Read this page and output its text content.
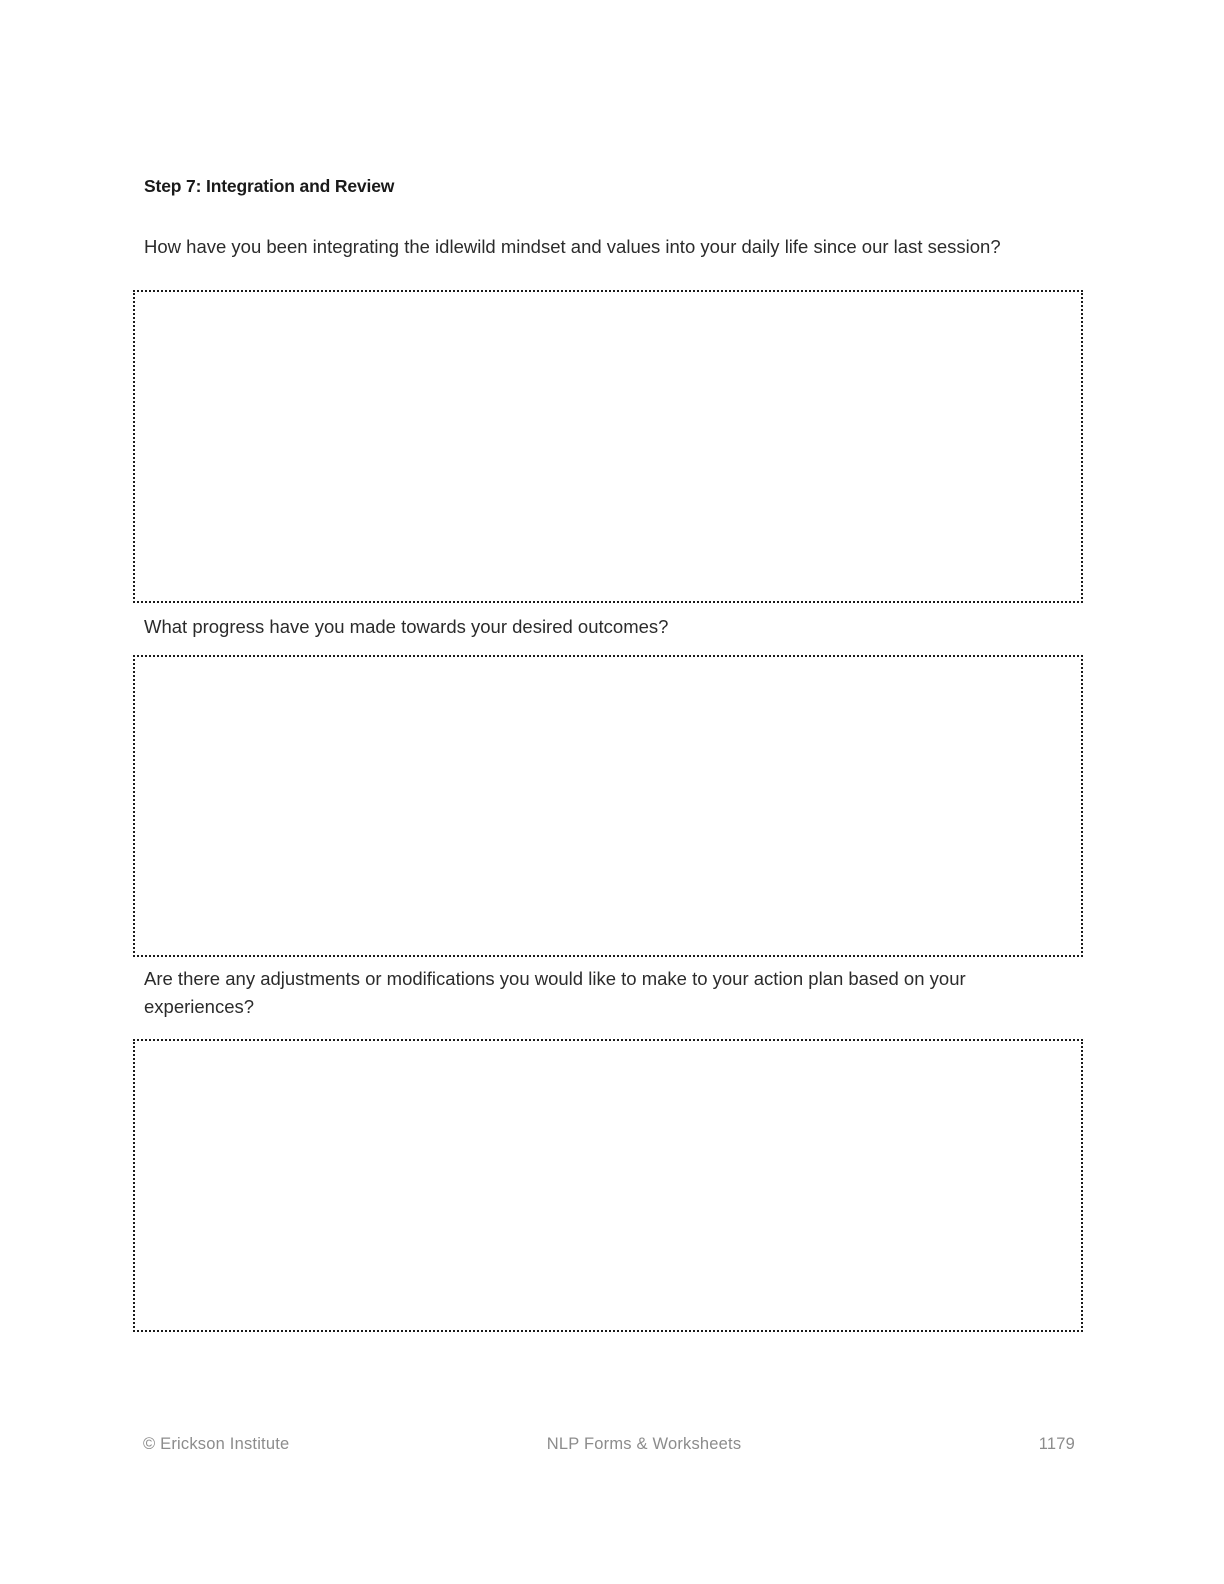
Step 7: Integration and Review

How have you been integrating the idlewild mindset and values into your daily life since our last session?

What progress have you made towards your desired outcomes?

Are there any adjustments or modifications you would like to make to your action plan based on your experiences?

© Erickson Institute	NLP Forms & Worksheets	1179
